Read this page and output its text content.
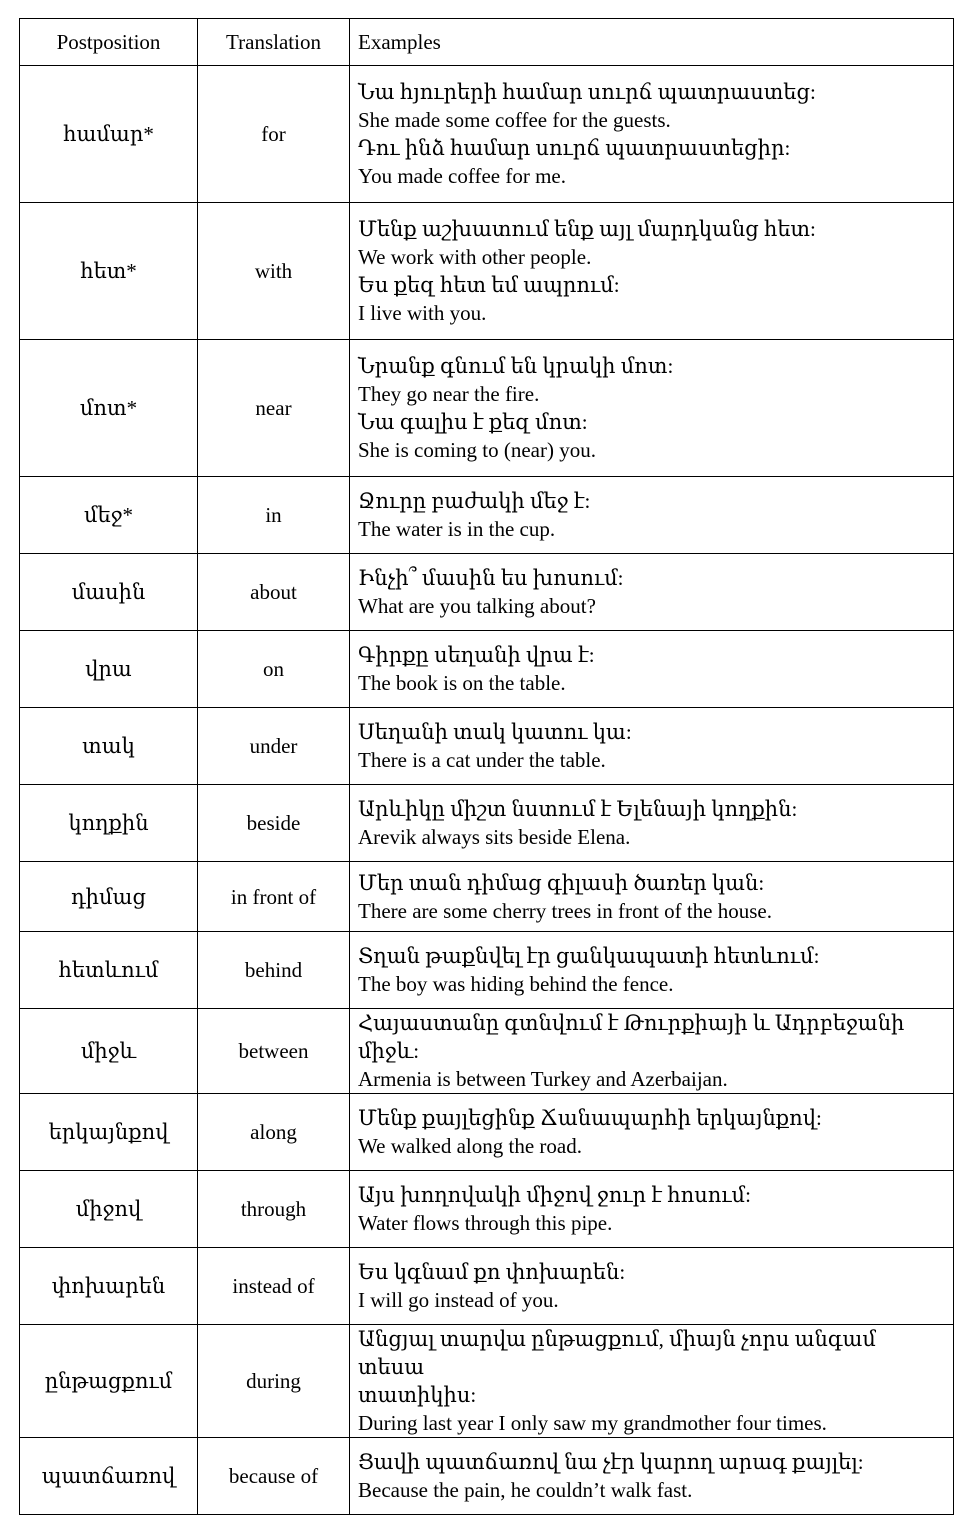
Postposition	Translation	Examples
համար*	for	Նա հյուրերի համար սուրճ պատրաստեց:
She made some coffee for the guests.
Դու ինձ համար սուրճ պատրաստեցիր:
You made coffee for me.

հետ*	with	Մենք աշխատում ենք այլ մարդկանց հետ:
We work with other people.
Ես քեզ հետ եմ ապրում:
I live with you.

մոտ*	near	Նրանք գնում են կրակի մոտ:
They go near the fire.
Նա գալիս է քեզ մոտ:
She is coming to (near) you.

մեջ*	in	Ջուրը բաժակի մեջ է:
The water is in the cup.

մասին	about	Ինչի՞ մասին ես խոսում:
What are you talking about?

վրա	on	Գիրքը սեղանի վրա է:
The book is on the table.

տակ	under	Սեղանի տակ կատու կա:
There is a cat under the table.

կողքին	beside	Արևիկը միշտ նստում է Ելենայի կողքին:
Arevik always sits beside Elena.

դիմաց	in front of	Մեր տան դիմաց գիլասի ծառեր կան:
There are some cherry trees in front of the house.

հետևում	behind	Տղան թաքնվել էր ցանկապատի հետևում:
The boy was hiding behind the fence.

միջև	between	Հայաստանը գտնվում է Թուրքիայի և Ադրբեջանի միջև:
Armenia is between Turkey and Azerbaijan.

երկայնքով	along	Մենք քայլեցինք Ճանապարհի երկայնքով:
We walked along the road.

միջով	through	Այս խողովակի միջով ջուր է հոսում:
Water flows through this pipe.

փոխարեն	instead of	Ես կգնամ քո փոխարեն:
I will go instead of you.

ընթացքում	during	Անցյալ տարվա ընթացքում, միայն չորս անգամ տեսա
տատիկիս:
During last year I only saw my grandmother four times.

պատճառով	because of	Ցավի պատճառով նա չէր կարող արագ քայլել:
Because the pain, he couldn’t walk fast.
